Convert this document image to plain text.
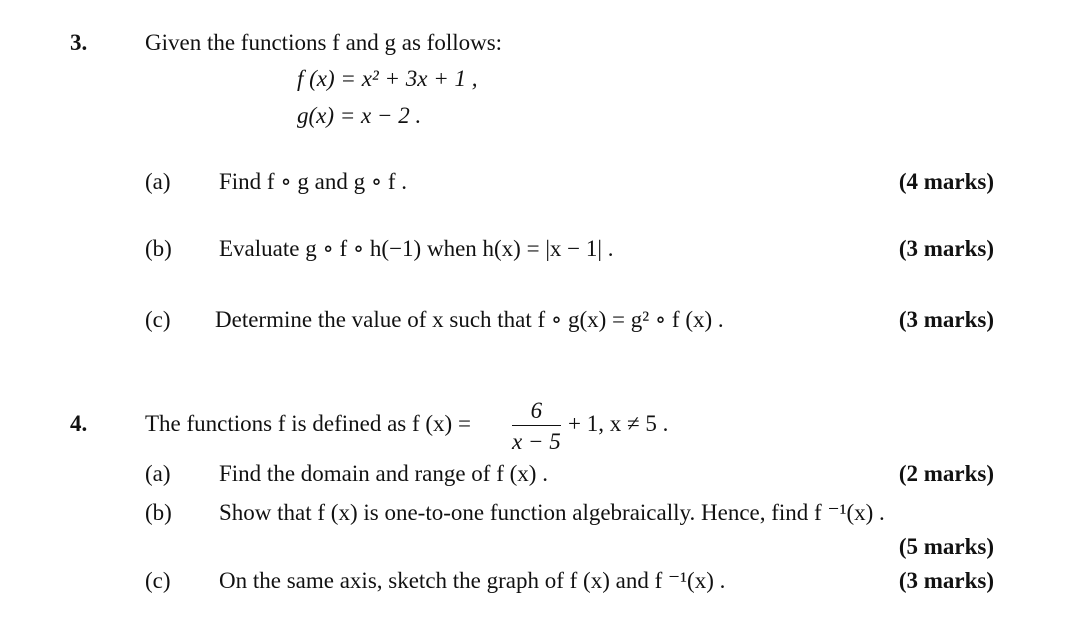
3.	Given the functions f and g as follows:
f (x) = x² + 3x + 1 ,
g(x) = x − 2 .
(a) Find f ∘ g and g ∘ f .	(4 marks)
(b) Evaluate g ∘ f ∘ h(−1) when h(x) = |x − 1| .	(3 marks)
(c) Determine the value of x such that f ∘ g(x) = g² ∘ f (x) .	(3 marks)
4.	The functions f is defined as f (x) =
6
x − 5
+ 1, x ≠ 5 .
(a) Find the domain and range of f (x) .	(2 marks)
(b) Show that f (x) is one-to-one function algebraically. Hence, find f ⁻¹(x) .
(5 marks)
(c) On the same axis, sketch the graph of f (x) and f ⁻¹(x) .	(3 marks)
